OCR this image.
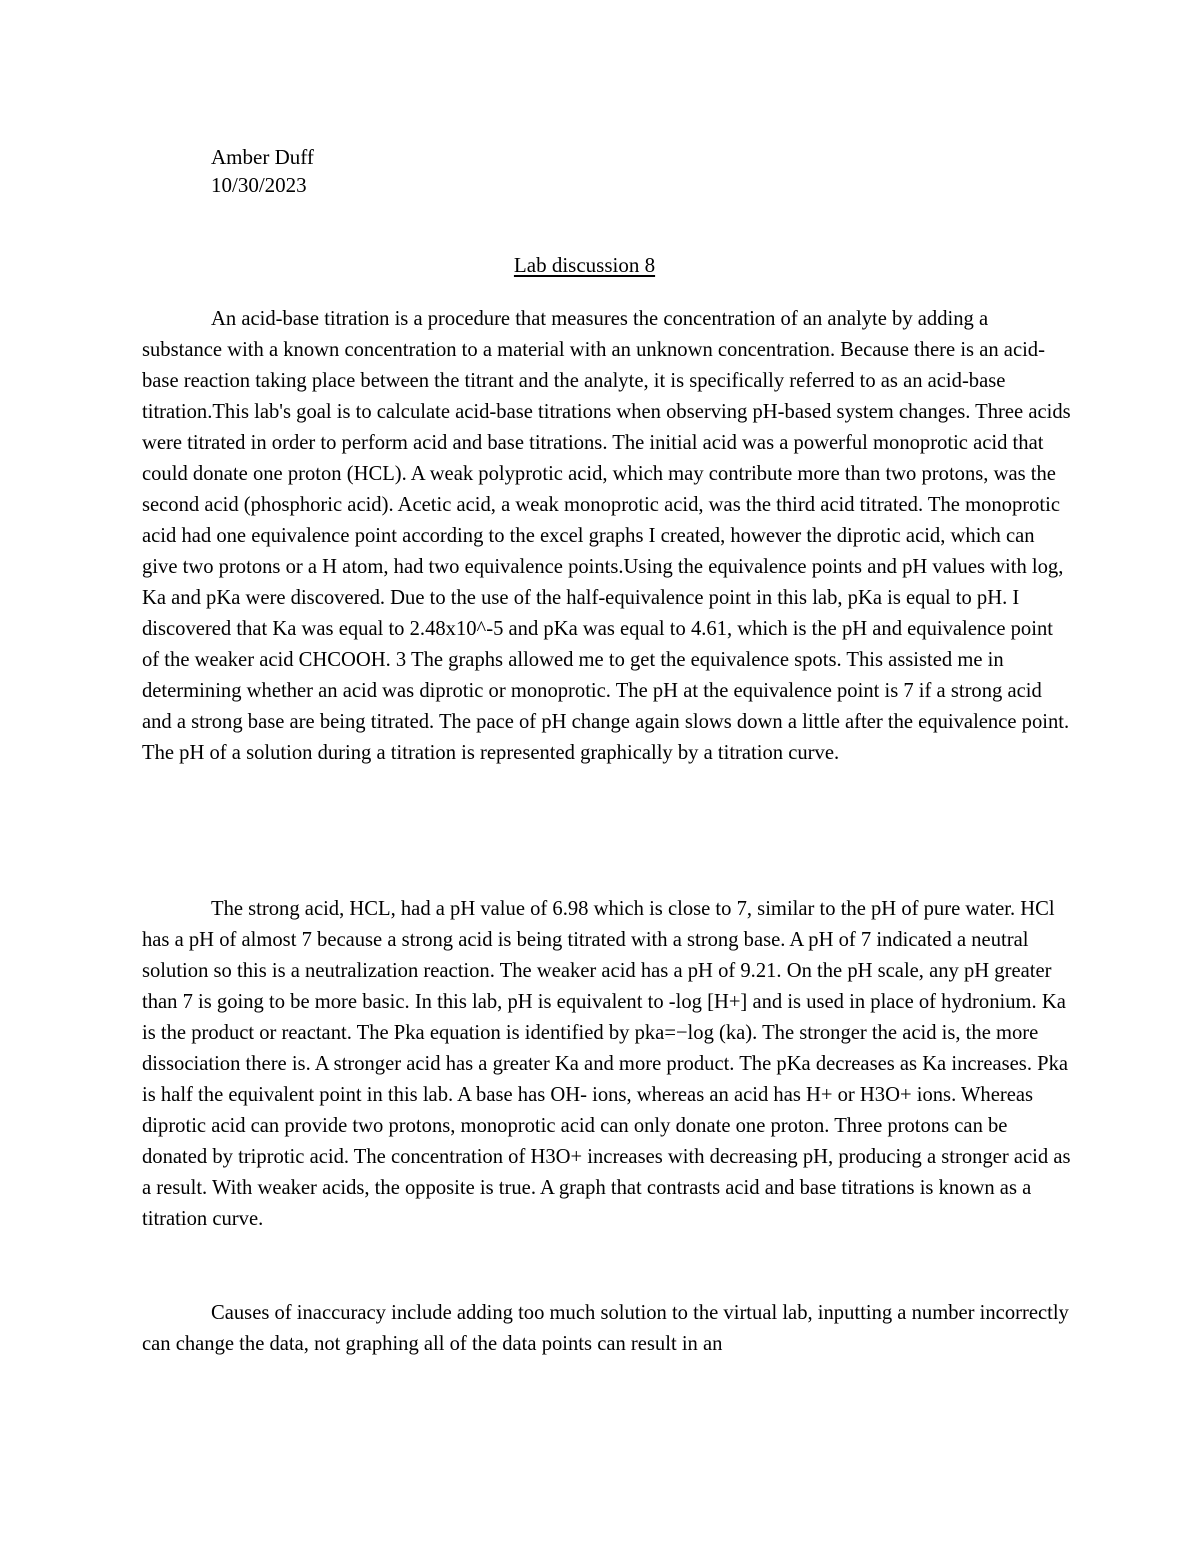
Amber Duff
10/30/2023
Lab discussion 8

An acid-base titration is a procedure that measures the concentration of an analyte by adding a substance with a known concentration to a material with an unknown concentration. Because there is an acid-base reaction taking place between the titrant and the analyte, it is specifically referred to as an acid-base titration.This lab's goal is to calculate acid-base titrations when observing pH-based system changes. Three acids were titrated in order to perform acid and base titrations. The initial acid was a powerful monoprotic acid that could donate one proton (HCL). A weak polyprotic acid, which may contribute more than two protons, was the second acid (phosphoric acid). Acetic acid, a weak monoprotic acid, was the third acid titrated. The monoprotic acid had one equivalence point according to the excel graphs I created, however the diprotic acid, which can give two protons or a H atom, had two equivalence points.Using the equivalence points and pH values with log, Ka and pKa were discovered. Due to the use of the half-equivalence point in this lab, pKa is equal to pH. I discovered that Ka was equal to 2.48x10^-5 and pKa was equal to 4.61, which is the pH and equivalence point of the weaker acid CHCOOH. 3 The graphs allowed me to get the equivalence spots. This assisted me in determining whether an acid was diprotic or monoprotic. The pH at the equivalence point is 7 if a strong acid and a strong base are being titrated. The pace of pH change again slows down a little after the equivalence point. The pH of a solution during a titration is represented graphically by a titration curve.

The strong acid, HCL, had a pH value of 6.98 which is close to 7, similar to the pH of pure water. HCl has a pH of almost 7 because a strong acid is being titrated with a strong base. A pH of 7 indicated a neutral solution so this is a neutralization reaction. The weaker acid has a pH of 9.21. On the pH scale, any pH greater than 7 is going to be more basic. In this lab, pH is equivalent to -log [H+] and is used in place of hydronium. Ka is the product or reactant. The Pka equation is identified by pka=−log (ka). The stronger the acid is, the more dissociation there is. A stronger acid has a greater Ka and more product. The pKa decreases as Ka increases. Pka is half the equivalent point in this lab. A base has OH- ions, whereas an acid has H+ or H3O+ ions. Whereas diprotic acid can provide two protons, monoprotic acid can only donate one proton. Three protons can be donated by triprotic acid. The concentration of H3O+ increases with decreasing pH, producing a stronger acid as a result. With weaker acids, the opposite is true. A graph that contrasts acid and base titrations is known as a titration curve.

Causes of inaccuracy include adding too much solution to the virtual lab, inputting a number incorrectly can change the data, not graphing all of the data points can result in an
